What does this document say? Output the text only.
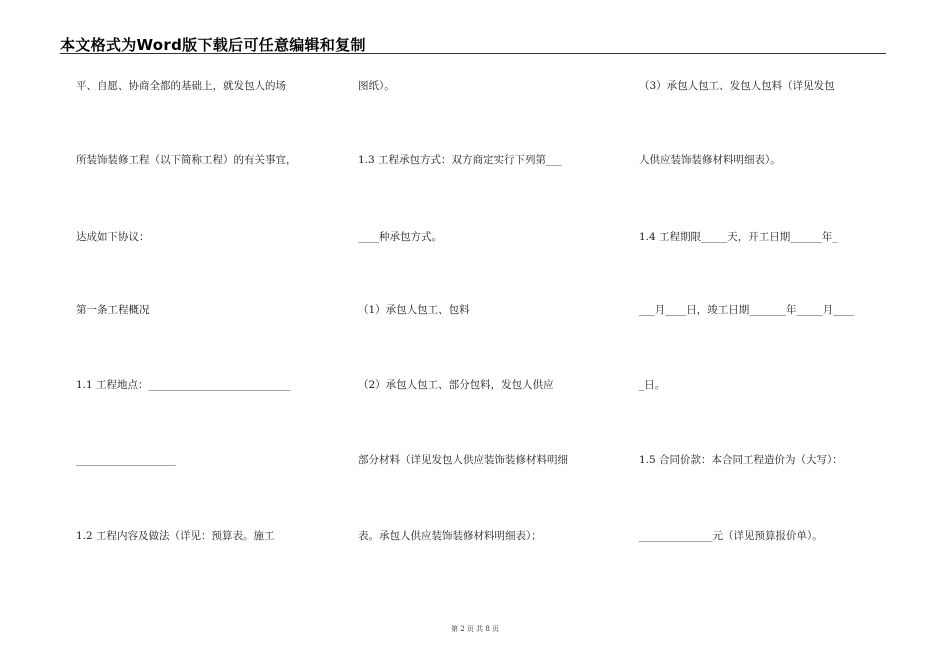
本文格式为Word版下载后可任意编辑和复制
平、自愿、协商全都的基础上，就发包人的场
所装饰装修工程（以下简称工程）的有关事宜，
达成如下协议：
第一条工程概况
1.1 工程地点：___________________________
___________________
1.2 工程内容及做法（详见：预算表。施工
图纸）。
1.3 工程承包方式：双方商定实行下列第___
____种承包方式。
（1）承包人包工、包料
（2）承包人包工、部分包料，发包人供应
部分材料（详见发包人供应装饰装修材料明细
表。承包人供应装饰装修材料明细表）；
（3）承包人包工、发包人包料（详见发包
人供应装饰装修材料明细表）。
1.4 工程期限_____天，开工日期______年_
___月____日，竣工日期_______年_____月____
_日。
1.5 合同价款：本合同工程造价为（大写）：
______________元（详见预算报价单）。
第 2 页 共 8 页
